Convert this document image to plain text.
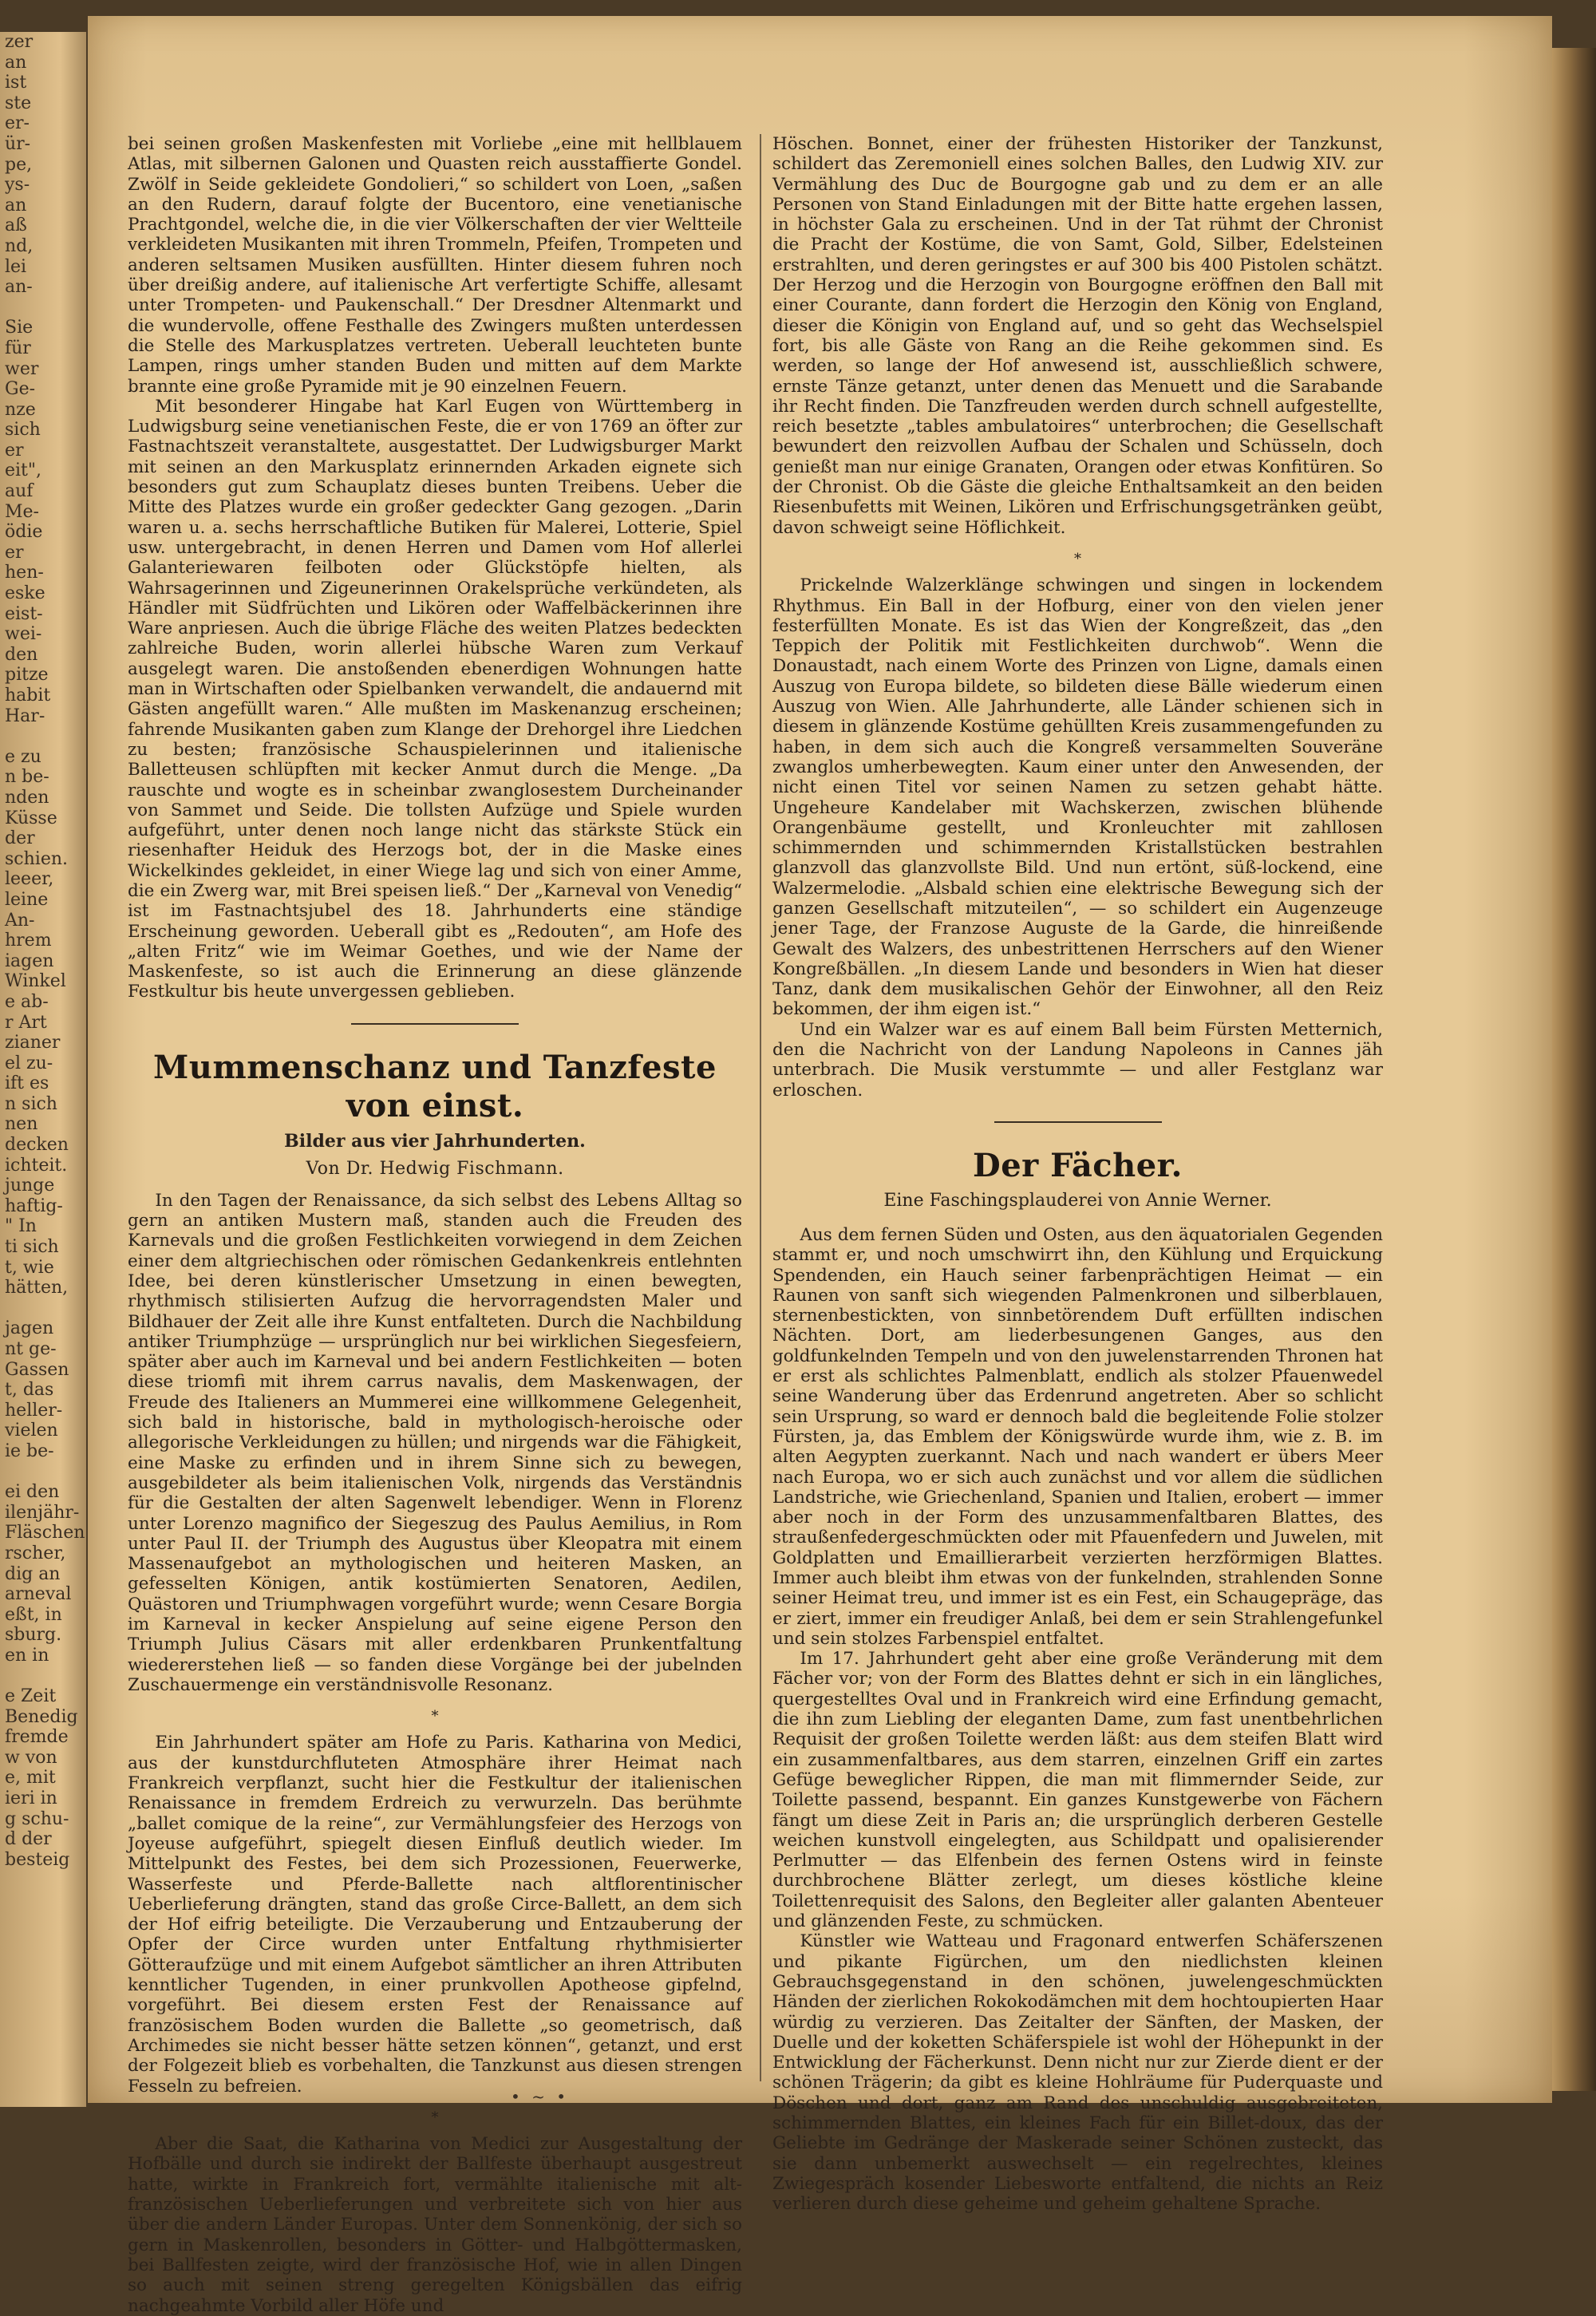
zer
an
ist
ste
er-
ür-
pe,
ys-
an
aß
nd,
lei
an-
Sie
für
wer
Ge-
nze
sich
er
eit",
auf
Me-
ödie
er
hen-
eske
eist-
wei-
den
pitze
habit
Har-
e zu
n be-
nden
Küsse
der
schien.
leeer,
leine
An-
hrem
iagen
Winkel
e ab-
r Art
zianer
el zu-
ift es
n sich
nen
decken
ichteit.
junge
haftig-
" In
ti sich
t, wie
hätten,
jagen
nt ge-
Gassen
t, das
heller-
vielen
ie be-
ei den
ilenjähr-
Fläschen
rscher,
dig an
arneval
eßt, in
sburg.
en in
e Zeit
Benedig
fremde
w von
e, mit
ieri in
g schu-
d der
besteig

bei seinen großen Maskenfesten mit Vorliebe „eine mit hellblauem Atlas, mit silbernen Galonen und Quasten reich ausstaffierte Gondel. Zwölf in Seide gekleidete Gondolieri,“ so schildert von Loen, „saßen an den Rudern, darauf folgte der Bucentoro, eine venetianische Prachtgondel, welche die, in die vier Völkerschaften der vier Weltteile verkleideten Musikanten mit ihren Trommeln, Pfeifen, Trompeten und anderen seltsamen Musiken ausfüllten. Hinter diesem fuhren noch über dreißig andere, auf italienische Art verfertigte Schiffe, allesamt unter Trompeten- und Paukenschall.“ Der Dresdner Altenmarkt und die wundervolle, offene Festhalle des Zwingers mußten unterdessen die Stelle des Markusplatzes vertreten. Ueberall leuchteten bunte Lampen, rings umher standen Buden und mitten auf dem Markte brannte eine große Pyramide mit je 90 einzelnen Feuern.

Mit besonderer Hingabe hat Karl Eugen von Württemberg in Ludwigsburg seine venetianischen Feste, die er von 1769 an öfter zur Fastnachtszeit veranstaltete, ausgestattet. Der Ludwigsburger Markt mit seinen an den Markusplatz erinnernden Arkaden eignete sich besonders gut zum Schauplatz dieses bunten Treibens. Ueber die Mitte des Platzes wurde ein großer gedeckter Gang gezogen. „Darin waren u. a. sechs herrschaftliche Butiken für Malerei, Lotterie, Spiel usw. untergebracht, in denen Herren und Damen vom Hof allerlei Galanteriewaren feilboten oder Glückstöpfe hielten, als Wahrsagerinnen und Zigeunerinnen Orakelsprüche verkündeten, als Händler mit Südfrüchten und Likören oder Waffelbäckerinnen ihre Ware anpriesen. Auch die übrige Fläche des weiten Platzes bedeckten zahlreiche Buden, worin allerlei hübsche Waren zum Verkauf ausgelegt waren. Die anstoßenden ebenerdigen Wohnungen hatte man in Wirtschaften oder Spielbanken verwandelt, die andauernd mit Gästen angefüllt waren.“ Alle mußten im Maskenanzug erscheinen; fahrende Musikanten gaben zum Klange der Drehorgel ihre Liedchen zu besten; französische Schauspielerinnen und italienische Balletteusen schlüpften mit kecker Anmut durch die Menge. „Da rauschte und wogte es in scheinbar zwanglosestem Durcheinander von Sammet und Seide. Die tollsten Aufzüge und Spiele wurden aufgeführt, unter denen noch lange nicht das stärkste Stück ein riesenhafter Heiduk des Herzogs bot, der in die Maske eines Wickelkindes gekleidet, in einer Wiege lag und sich von einer Amme, die ein Zwerg war, mit Brei speisen ließ.“ Der „Karneval von Venedig“ ist im Fastnachtsjubel des 18. Jahrhunderts eine ständige Erscheinung geworden. Ueberall gibt es „Redouten“, am Hofe des „alten Fritz“ wie im Weimar Goethes, und wie der Name der Maskenfeste, so ist auch die Erinnerung an diese glänzende Festkultur bis heute unvergessen geblieben.

Mummenschanz und Tanzfeste von einst.
Bilder aus vier Jahrhunderten.
Von Dr. Hedwig Fischmann.

In den Tagen der Renaissance, da sich selbst des Lebens Alltag so gern an antiken Mustern maß, standen auch die Freuden des Karnevals und die großen Festlichkeiten vorwiegend in dem Zeichen einer dem altgriechischen oder römischen Gedankenkreis entlehnten Idee, bei deren künstlerischer Umsetzung in einen bewegten, rhythmisch stilisierten Aufzug die hervorragendsten Maler und Bildhauer der Zeit alle ihre Kunst entfalteten. Durch die Nachbildung antiker Triumphzüge — ursprünglich nur bei wirklichen Siegesfeiern, später aber auch im Karneval und bei andern Festlichkeiten — boten diese triomfi mit ihrem carrus navalis, dem Maskenwagen, der Freude des Italieners an Mummerei eine willkommene Gelegenheit, sich bald in historische, bald in mythologisch-heroische oder allegorische Verkleidungen zu hüllen; und nirgends war die Fähigkeit, eine Maske zu erfinden und in ihrem Sinne sich zu bewegen, ausgebildeter als beim italienischen Volk, nirgends das Verständnis für die Gestalten der alten Sagenwelt lebendiger. Wenn in Florenz unter Lorenzo magnifico der Siegeszug des Paulus Aemilius, in Rom unter Paul II. der Triumph des Augustus über Kleopatra mit einem Massenaufgebot an mythologischen und heiteren Masken, an gefesselten Königen, antik kostümierten Senatoren, Aedilen, Quästoren und Triumphwagen vorgeführt wurde; wenn Cesare Borgia im Karneval in kecker Anspielung auf seine eigene Person den Triumph Julius Cäsars mit aller erdenkbaren Prunkentfaltung wiedererstehen ließ — so fanden diese Vorgänge bei der jubelnden Zuschauermenge ein verständnisvolle Resonanz.

*

Ein Jahrhundert später am Hofe zu Paris. Katharina von Medici, aus der kunstdurchfluteten Atmosphäre ihrer Heimat nach Frankreich verpflanzt, sucht hier die Festkultur der italienischen Renaissance in fremdem Erdreich zu verwurzeln. Das berühmte „ballet comique de la reine“, zur Vermählungsfeier des Herzogs von Joyeuse aufgeführt, spiegelt diesen Einfluß deutlich wieder. Im Mittelpunkt des Festes, bei dem sich Prozessionen, Feuerwerke, Wasserfeste und Pferde-Ballette nach altflorentinischer Ueberlieferung drängten, stand das große Circe-Ballett, an dem sich der Hof eifrig beteiligte. Die Verzauberung und Entzauberung der Opfer der Circe wurden unter Entfaltung rhythmisierter Götteraufzüge und mit einem Aufgebot sämtlicher an ihren Attributen kenntlicher Tugenden, in einer prunkvollen Apotheose gipfelnd, vorgeführt. Bei diesem ersten Fest der Renaissance auf französischem Boden wurden die Ballette „so geometrisch, daß Archimedes sie nicht besser hätte setzen können“, getanzt, und erst der Folgezeit blieb es vorbehalten, die Tanzkunst aus diesen strengen Fesseln zu befreien.

*

Aber die Saat, die Katharina von Medici zur Ausgestaltung der Hofbälle und durch sie indirekt der Ballfeste überhaupt ausgestreut hatte, wirkte in Frankreich fort, vermählte italienische mit alt-französischen Ueberlieferungen und verbreitete sich von hier aus über die andern Länder Europas. Unter dem Sonnenkönig, der sich so gern in Maskenrollen, besonders in Götter- und Halbgöttermasken, bei Ballfesten zeigte, wird der französische Hof, wie in allen Dingen so auch mit seinen streng geregelten Königsbällen das eifrig nachgeahmte Vorbild aller Höfe und

Höschen. Bonnet, einer der frühesten Historiker der Tanzkunst, schildert das Zeremoniell eines solchen Balles, den Ludwig XIV. zur Vermählung des Duc de Bourgogne gab und zu dem er an alle Personen von Stand Einladungen mit der Bitte hatte ergehen lassen, in höchster Gala zu erscheinen. Und in der Tat rühmt der Chronist die Pracht der Kostüme, die von Samt, Gold, Silber, Edelsteinen erstrahlten, und deren geringstes er auf 300 bis 400 Pistolen schätzt. Der Herzog und die Herzogin von Bourgogne eröffnen den Ball mit einer Courante, dann fordert die Herzogin den König von England, dieser die Königin von England auf, und so geht das Wechselspiel fort, bis alle Gäste von Rang an die Reihe gekommen sind. Es werden, so lange der Hof anwesend ist, ausschließlich schwere, ernste Tänze getanzt, unter denen das Menuett und die Sarabande ihr Recht finden. Die Tanzfreuden werden durch schnell aufgestellte, reich besetzte „tables ambulatoires“ unterbrochen; die Gesellschaft bewundert den reizvollen Aufbau der Schalen und Schüsseln, doch genießt man nur einige Granaten, Orangen oder etwas Konfitüren. So der Chronist. Ob die Gäste die gleiche Enthaltsamkeit an den beiden Riesenbufetts mit Weinen, Likören und Erfrischungsgetränken geübt, davon schweigt seine Höflichkeit.

*

Prickelnde Walzerklänge schwingen und singen in lockendem Rhythmus. Ein Ball in der Hofburg, einer von den vielen jener festerfüllten Monate. Es ist das Wien der Kongreßzeit, das „den Teppich der Politik mit Festlichkeiten durchwob“. Wenn die Donaustadt, nach einem Worte des Prinzen von Ligne, damals einen Auszug von Europa bildete, so bildeten diese Bälle wiederum einen Auszug von Wien. Alle Jahrhunderte, alle Länder schienen sich in diesem in glänzende Kostüme gehüllten Kreis zusammengefunden zu haben, in dem sich auch die Kongreß versammelten Souveräne zwanglos umherbewegten. Kaum einer unter den Anwesenden, der nicht einen Titel vor seinen Namen zu setzen gehabt hätte. Ungeheure Kandelaber mit Wachskerzen, zwischen blühende Orangenbäume gestellt, und Kronleuchter mit zahllosen schimmernden und schimmernden Kristallstücken bestrahlen glanzvoll das glanzvollste Bild. Und nun ertönt, süß-lockend, eine Walzermelodie. „Alsbald schien eine elektrische Bewegung sich der ganzen Gesellschaft mitzuteilen“, — so schildert ein Augenzeuge jener Tage, der Franzose Auguste de la Garde, die hinreißende Gewalt des Walzers, des unbestrittenen Herrschers auf den Wiener Kongreßbällen. „In diesem Lande und besonders in Wien hat dieser Tanz, dank dem musikalischen Gehör der Einwohner, all den Reiz bekommen, der ihm eigen ist.“

Und ein Walzer war es auf einem Ball beim Fürsten Metternich, den die Nachricht von der Landung Napoleons in Cannes jäh unterbrach. Die Musik verstummte — und aller Festglanz war erloschen.

Der Fächer.
Eine Faschingsplauderei von Annie Werner.

Aus dem fernen Süden und Osten, aus den äquatorialen Gegenden stammt er, und noch umschwirrt ihn, den Kühlung und Erquickung Spendenden, ein Hauch seiner farbenprächtigen Heimat — ein Raunen von sanft sich wiegenden Palmenkronen und silberblauen, sternenbestickten, von sinnbetörendem Duft erfüllten indischen Nächten. Dort, am liederbesungenen Ganges, aus den goldfunkelnden Tempeln und von den juwelenstarrenden Thronen hat er erst als schlichtes Palmenblatt, endlich als stolzer Pfauenwedel seine Wanderung über das Erdenrund angetreten. Aber so schlicht sein Ursprung, so ward er dennoch bald die begleitende Folie stolzer Fürsten, ja, das Emblem der Königswürde wurde ihm, wie z. B. im alten Aegypten zuerkannt. Nach und nach wandert er übers Meer nach Europa, wo er sich auch zunächst und vor allem die südlichen Landstriche, wie Griechenland, Spanien und Italien, erobert — immer aber noch in der Form des unzusammenfaltbaren Blattes, des straußenfedergeschmückten oder mit Pfauenfedern und Juwelen, mit Goldplatten und Emaillierarbeit verzierten herzförmigen Blattes. Immer auch bleibt ihm etwas von der funkelnden, strahlenden Sonne seiner Heimat treu, und immer ist es ein Fest, ein Schaugepräge, das er ziert, immer ein freudiger Anlaß, bei dem er sein Strahlengefunkel und sein stolzes Farbenspiel entfaltet.

Im 17. Jahrhundert geht aber eine große Veränderung mit dem Fächer vor; von der Form des Blattes dehnt er sich in ein längliches, quergestelltes Oval und in Frankreich wird eine Erfindung gemacht, die ihn zum Liebling der eleganten Dame, zum fast unentbehrlichen Requisit der großen Toilette werden läßt: aus dem steifen Blatt wird ein zusammenfaltbares, aus dem starren, einzelnen Griff ein zartes Gefüge beweglicher Rippen, die man mit flimmernder Seide, zur Toilette passend, bespannt. Ein ganzes Kunstgewerbe von Fächern fängt um diese Zeit in Paris an; die ursprünglich derberen Gestelle weichen kunstvoll eingelegten, aus Schildpatt und opalisierender Perlmutter — das Elfenbein des fernen Ostens wird in feinste durchbrochene Blätter zerlegt, um dieses köstliche kleine Toilettenrequisit des Salons, den Begleiter aller galanten Abenteuer und glänzenden Feste, zu schmücken.

Künstler wie Watteau und Fragonard entwerfen Schäferszenen und pikante Figürchen, um den niedlichsten kleinen Gebrauchsgegenstand in den schönen, juwelengeschmückten Händen der zierlichen Rokokodämchen mit dem hochtoupierten Haar würdig zu verzieren. Das Zeitalter der Sänften, der Masken, der Duelle und der koketten Schäferspiele ist wohl der Höhepunkt in der Entwicklung der Fächerkunst. Denn nicht nur zur Zierde dient er der schönen Trägerin; da gibt es kleine Hohlräume für Puderquaste und Döschen und dort, ganz am Rand des unschuldig ausgebreiteten, schimmernden Blattes, ein kleines Fach für ein Billet-doux, das der Geliebte im Gedränge der Maskerade seiner Schönen zusteckt, das sie dann unbemerkt auswechselt — ein regelrechtes, kleines Zwiegespräch kosender Liebesworte entfaltend, die nichts an Reiz verlieren durch diese geheime und geheim gehaltene Sprache.

• ~ •
